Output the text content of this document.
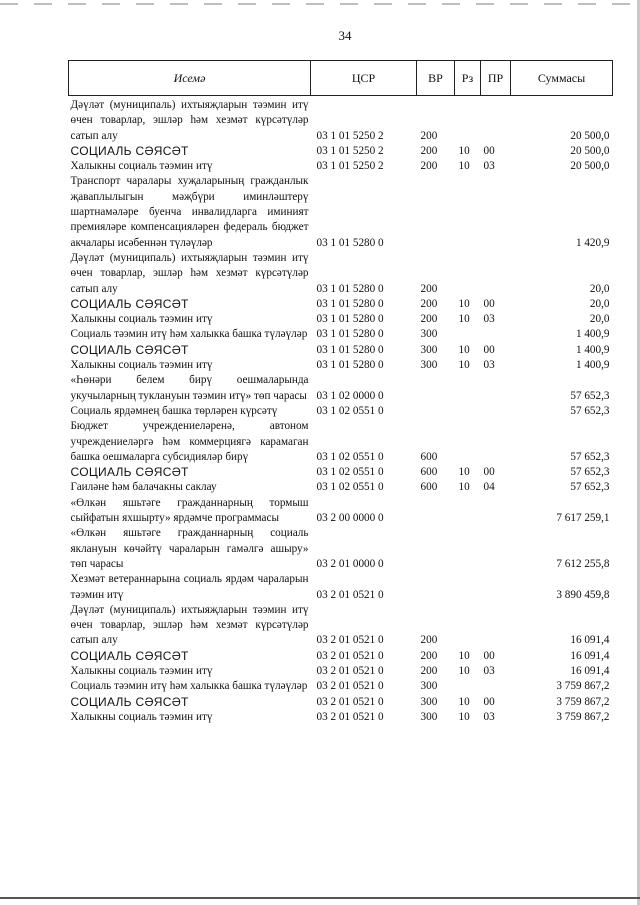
34
Исемә	ЦСР	ВР	Рз	ПР	Суммасы
Дәүләт (муниципаль) ихтыяҗларын тәэмин итү өчен товарлар, эшләр һәм хезмәт күрсәтүләр сатып алу	03 1 01 5250 2	200			20 500,0
СОЦИАЛЬ СӘЯСӘТ	03 1 01 5250 2	200	10	00	20 500,0
Халыкны социаль тәэмин итү	03 1 01 5250 2	200	10	03	20 500,0
Транспорт чаралары хуҗаларының гражданлык җаваплылыгын мәҗбүри иминләштерү шартнамәләре буенча инвалидларга иминият премияләре компенсацияләрен федераль бюджет акчалары исәбеннән түләүләр	03 1 01 5280 0				1 420,9
Дәүләт (муниципаль) ихтыяҗларын тәэмин итү өчен товарлар, эшләр һәм хезмәт күрсәтүләр сатып алу	03 1 01 5280 0	200			20,0
СОЦИАЛЬ СӘЯСӘТ	03 1 01 5280 0	200	10	00	20,0
Халыкны социаль тәэмин итү	03 1 01 5280 0	200	10	03	20,0
Социаль тәэмин итү һәм халыкка башка түләүләр	03 1 01 5280 0	300			1 400,9
СОЦИАЛЬ СӘЯСӘТ	03 1 01 5280 0	300	10	00	1 400,9
Халыкны социаль тәэмин итү	03 1 01 5280 0	300	10	03	1 400,9
«Һөнәри белем бирү оешмаларында укучыларның туклануын тәэмин итү» төп чарасы	03 1 02 0000 0				57 652,3
Социаль ярдәмнең башка төрләрен күрсәтү	03 1 02 0551 0				57 652,3
Бюджет учреждениеләренә, автоном учреждениеләргә һәм коммерциягә карамаган башка оешмаларга субсидияләр бирү	03 1 02 0551 0	600			57 652,3
СОЦИАЛЬ СӘЯСӘТ	03 1 02 0551 0	600	10	00	57 652,3
Гаиләне һәм балачакны саклау	03 1 02 0551 0	600	10	04	57 652,3
«Өлкән яшьтәге гражданнарның тормыш сыйфатын яхшырту» ярдәмче программасы	03 2 00 0000 0				7 617 259,1
«Өлкән яшьтәге гражданнарның социаль яклануын көчәйтү чараларын гамәлгә ашыру» төп чарасы	03 2 01 0000 0				7 612 255,8
Хезмәт ветераннарына социаль ярдәм чараларын тәэмин итү	03 2 01 0521 0				3 890 459,8
Дәүләт (муниципаль) ихтыяҗларын тәэмин итү өчен товарлар, эшләр һәм хезмәт күрсәтүләр сатып алу	03 2 01 0521 0	200			16 091,4
СОЦИАЛЬ СӘЯСӘТ	03 2 01 0521 0	200	10	00	16 091,4
Халыкны социаль тәэмин итү	03 2 01 0521 0	200	10	03	16 091,4
Социаль тәэмин итү һәм халыкка башка түләүләр	03 2 01 0521 0	300			3 759 867,2
СОЦИАЛЬ СӘЯСӘТ	03 2 01 0521 0	300	10	00	3 759 867,2
Халыкны социаль тәэмин итү	03 2 01 0521 0	300	10	03	3 759 867,2
